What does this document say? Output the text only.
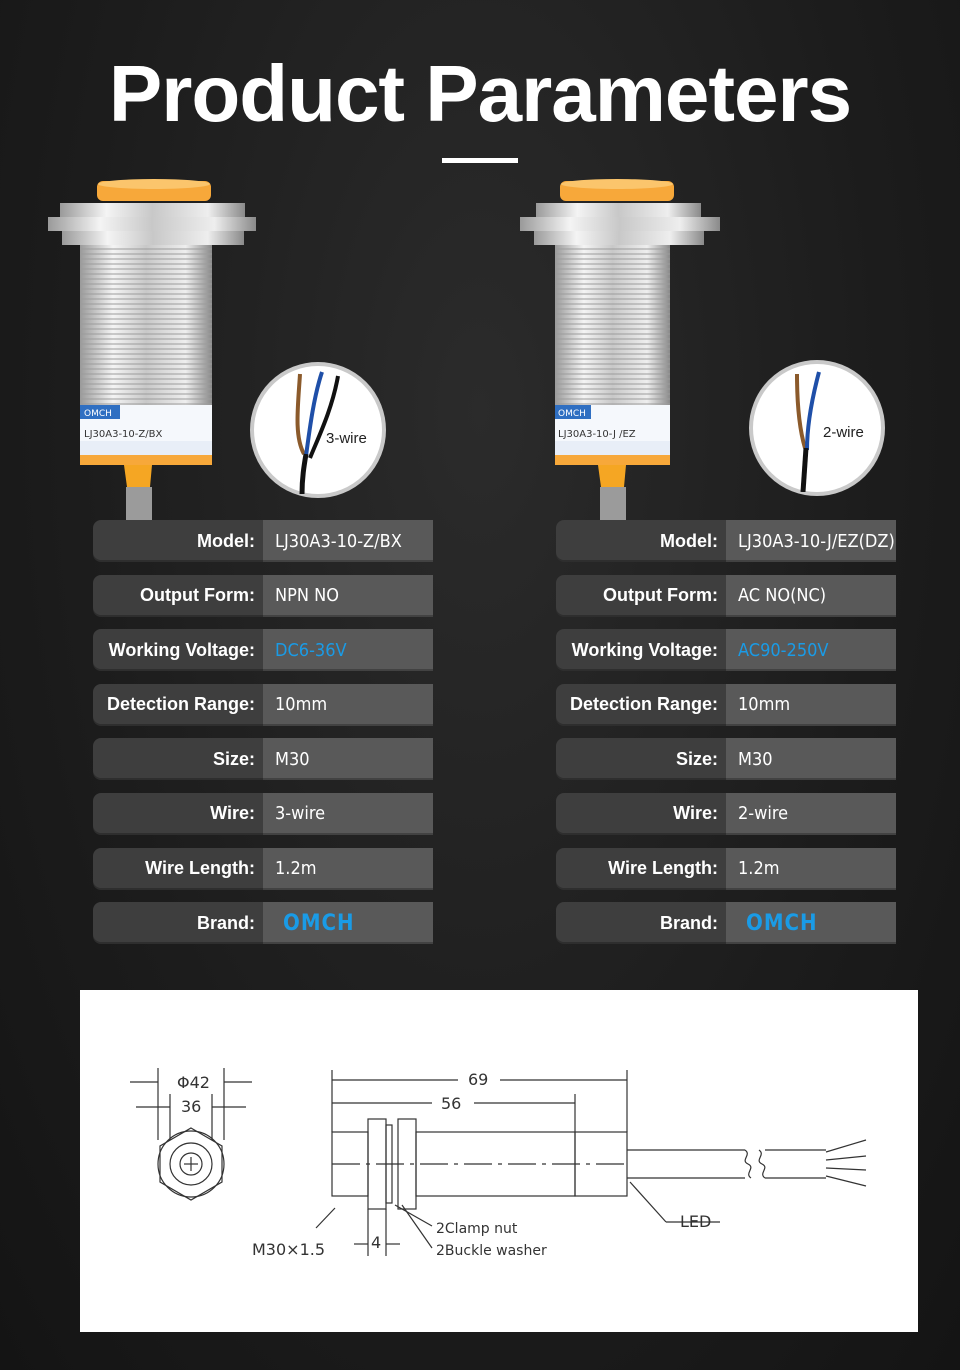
Product Parameters
OMCH
LJ30A3-10-Z/BX	3-wire
OMCH
LJ30A3-10-J /EZ	2-wire
Model:	LJ30A3-10-Z/BX
Output Form:	NPN NO
Working Voltage:	DC6-36V
Detection Range:	10mm
Size:	M30
Wire:	3-wire
Wire Length:	1.2m
Brand:	OMCH
Model:	LJ30A3-10-J/EZ(DZ)
Output Form:	AC NO(NC)
Working Voltage:	AC90-250V
Detection Range:	10mm
Size:	M30
Wire:	2-wire
Wire Length:	1.2m
Brand:	OMCH
Φ42
36
69
56
M30×1.5	4
2Clamp nut
2Buckle washer
LED
